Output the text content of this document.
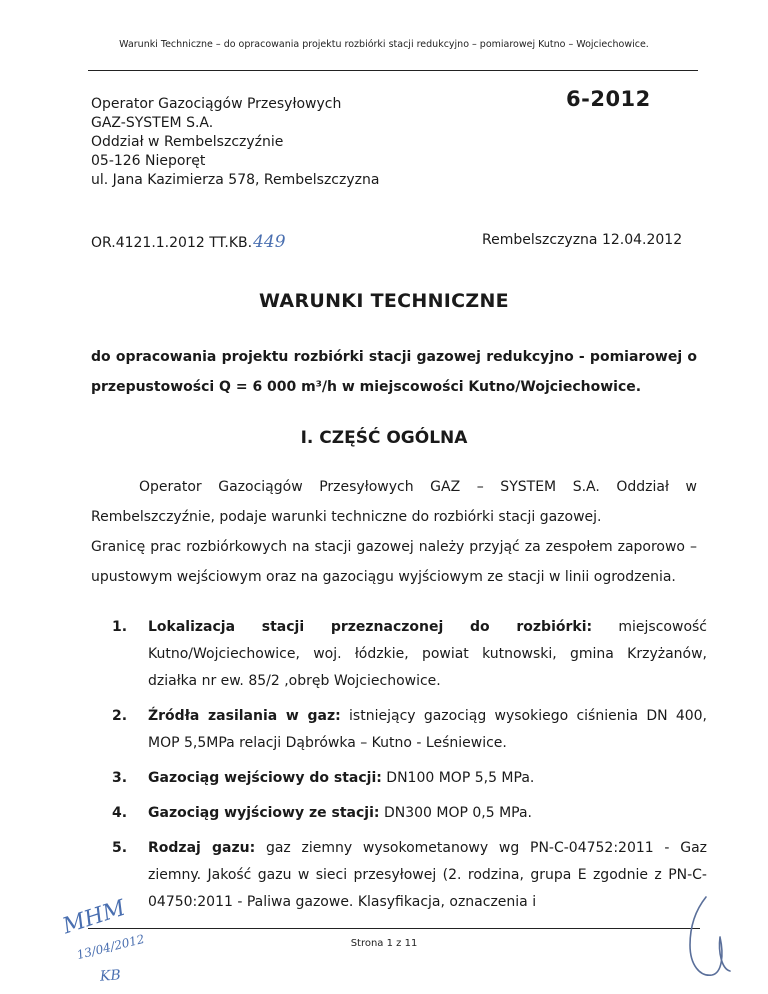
Warunki Techniczne – do opracowania projektu rozbiórki stacji redukcyjno – pomiarowej Kutno – Wojciechowice.
Operator Gazociągów Przesyłowych
GAZ-SYSTEM S.A.
Oddział w Rembelszczyźnie
05-126 Nieporęt
ul. Jana Kazimierza 578, Rembelszczyzna
6-2012
OR.4121.1.2012 TT.KB.449	Rembelszczyzna 12.04.2012
WARUNKI TECHNICZNE
do opracowania projektu rozbiórki stacji gazowej redukcyjno - pomiarowej o przepustowości Q = 6 000 m³/h w miejscowości Kutno/Wojciechowice.
I. CZĘŚĆ OGÓLNA

Operator Gazociągów Przesyłowych GAZ – SYSTEM S.A. Oddział w Rembelszczyźnie, podaje warunki techniczne do rozbiórki stacji gazowej.

Granicę prac rozbiórkowych na stacji gazowej należy przyjąć za zespołem zaporowo – upustowym wejściowym oraz na gazociągu wyjściowym ze stacji w linii ogrodzenia.

1. Lokalizacja stacji przeznaczonej do rozbiórki: miejscowość Kutno/Wojciechowice, woj. łódzkie, powiat kutnowski, gmina Krzyżanów, działka nr ew. 85/2 ,obręb Wojciechowice.
2. Źródła zasilania w gaz: istniejący gazociąg wysokiego ciśnienia DN 400, MOP 5,5MPa relacji Dąbrówka – Kutno - Leśniewice.
3. Gazociąg wejściowy do stacji: DN100 MOP 5,5 MPa.
4. Gazociąg wyjściowy ze stacji: DN300 MOP 0,5 MPa.
5. Rodzaj gazu: gaz ziemny wysokometanowy wg PN-C-04752:2011 - Gaz ziemny. Jakość gazu w sieci przesyłowej (2. rodzina, grupa E zgodnie z PN-C-04750:2011 - Paliwa gazowe. Klasyfikacja, oznaczenia i
Strona 1 z 11
MHM
13/04/2012
KB
